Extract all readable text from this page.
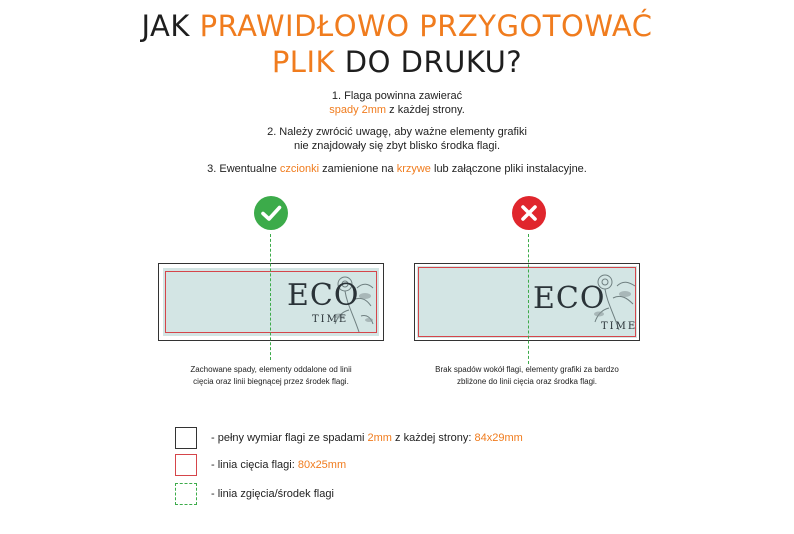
JAK PRAWIDŁOWO PRZYGOTOWAĆ
PLIK DO DRUKU?
1. Flaga powinna zawierać
spady 2mm z każdej strony.
2. Należy zwrócić uwagę, aby ważne elementy grafiki
nie znajdowały się zbyt blisko środka flagi.
3. Ewentualne czcionki zamienione na krzywe lub załączone pliki instalacyjne.
ECO
TIME
ECO
TIME
Zachowane spady, elementy oddalone od linii
cięcia oraz linii biegnącej przez środek flagi.
Brak spadów wokół flagi, elementy grafiki za bardzo
zbliżone do linii cięcia oraz środka flagi.
- pełny wymiar flagi ze spadami 2mm z każdej strony: 84x29mm
- linia cięcia flagi: 80x25mm
- linia zgięcia/środek flagi
